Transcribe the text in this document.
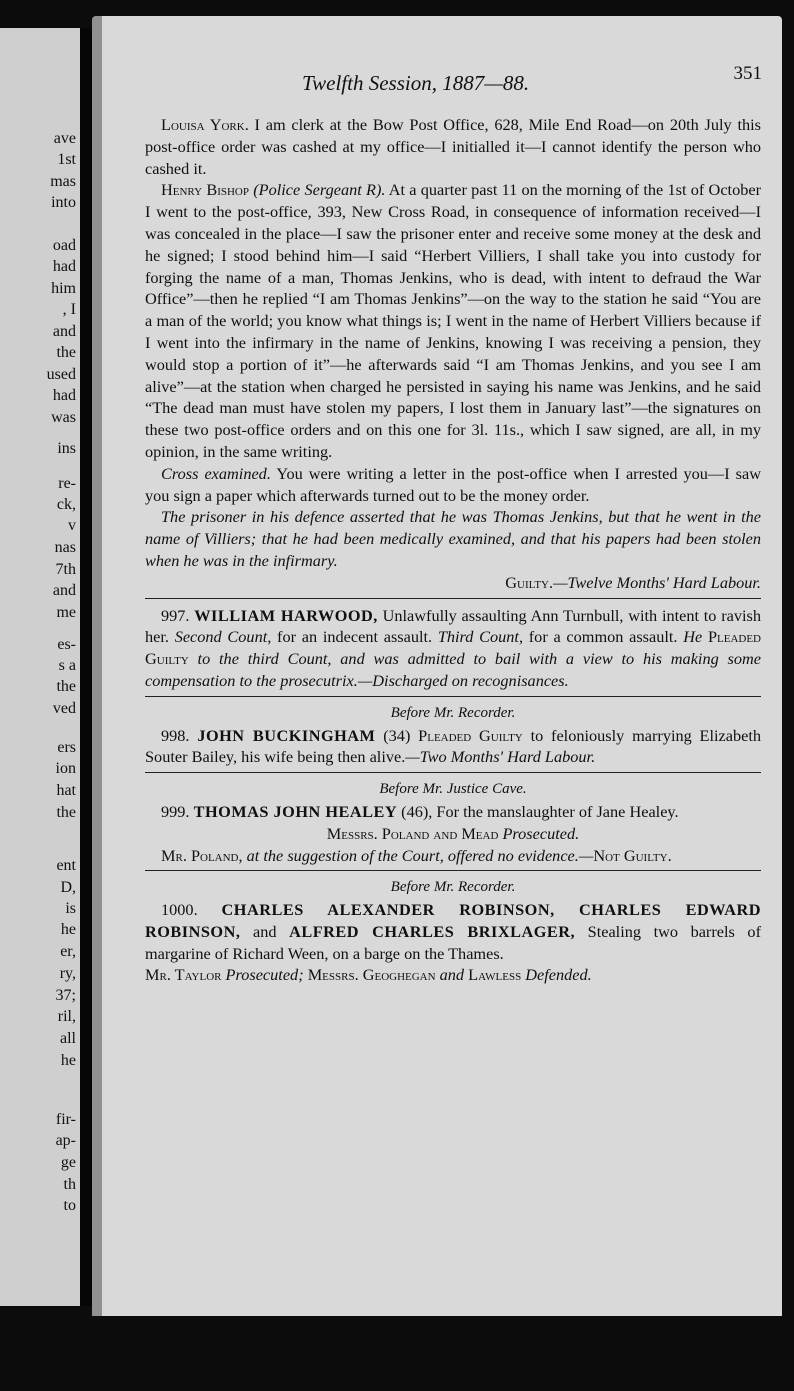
ave
1st
mas
into
oad
had
him
, I
and
the
used
had
was
ins
re-
ck,
v
nas
7th
and
me
es-
s a
the
ved
ers
ion
hat
the
ent
D,
is
he
er,
ry,
37;
ril,
all
he
fir-
ap-
ge
th
to
Twelfth Session, 1887—88.	351

Louisa York. I am clerk at the Bow Post Office, 628, Mile End Road—on 20th July this post-office order was cashed at my office—I initialled it—I cannot identify the person who cashed it.

Henry Bishop (Police Sergeant R). At a quarter past 11 on the morning of the 1st of October I went to the post-office, 393, New Cross Road, in consequence of information received—I was concealed in the place—I saw the prisoner enter and receive some money at the desk and he signed; I stood behind him—I said “Herbert Villiers, I shall take you into custody for forging the name of a man, Thomas Jenkins, who is dead, with intent to defraud the War Office”—then he replied “I am Thomas Jenkins”—on the way to the station he said “You are a man of the world; you know what things is; I went in the name of Herbert Villiers because if I went into the infirmary in the name of Jenkins, knowing I was receiving a pension, they would stop a portion of it”—he afterwards said “I am Thomas Jenkins, and you see I am alive”—at the station when charged he persisted in saying his name was Jenkins, and he said “The dead man must have stolen my papers, I lost them in January last”—the signatures on these two post-office orders and on this one for 3l. 11s., which I saw signed, are all, in my opinion, in the same writing.

Cross examined. You were writing a letter in the post-office when I arrested you—I saw you sign a paper which afterwards turned out to be the money order.

The prisoner in his defence asserted that he was Thomas Jenkins, but that he went in the name of Villiers; that he had been medically examined, and that his papers had been stolen when he was in the infirmary.

Guilty.—Twelve Months' Hard Labour.

997. WILLIAM HARWOOD, Unlawfully assaulting Ann Turnbull, with intent to ravish her. Second Count, for an indecent assault. Third Count, for a common assault. He Pleaded Guilty to the third Count, and was admitted to bail with a view to his making some compensation to the prosecutrix.—Discharged on recognisances.

Before Mr. Recorder.

998. JOHN BUCKINGHAM (34) Pleaded Guilty to feloniously marrying Elizabeth Souter Bailey, his wife being then alive.—Two Months' Hard Labour.

Before Mr. Justice Cave.

999. THOMAS JOHN HEALEY (46), For the manslaughter of Jane Healey.

Messrs. Poland and Mead Prosecuted.

Mr. Poland, at the suggestion of the Court, offered no evidence.—Not Guilty.

Before Mr. Recorder.

1000. CHARLES ALEXANDER ROBINSON, CHARLES EDWARD ROBINSON, and ALFRED CHARLES BRIXLAGER, Stealing two barrels of margarine of Richard Ween, on a barge on the Thames.

Mr. Taylor Prosecuted; Messrs. Geoghegan and Lawless Defended.
